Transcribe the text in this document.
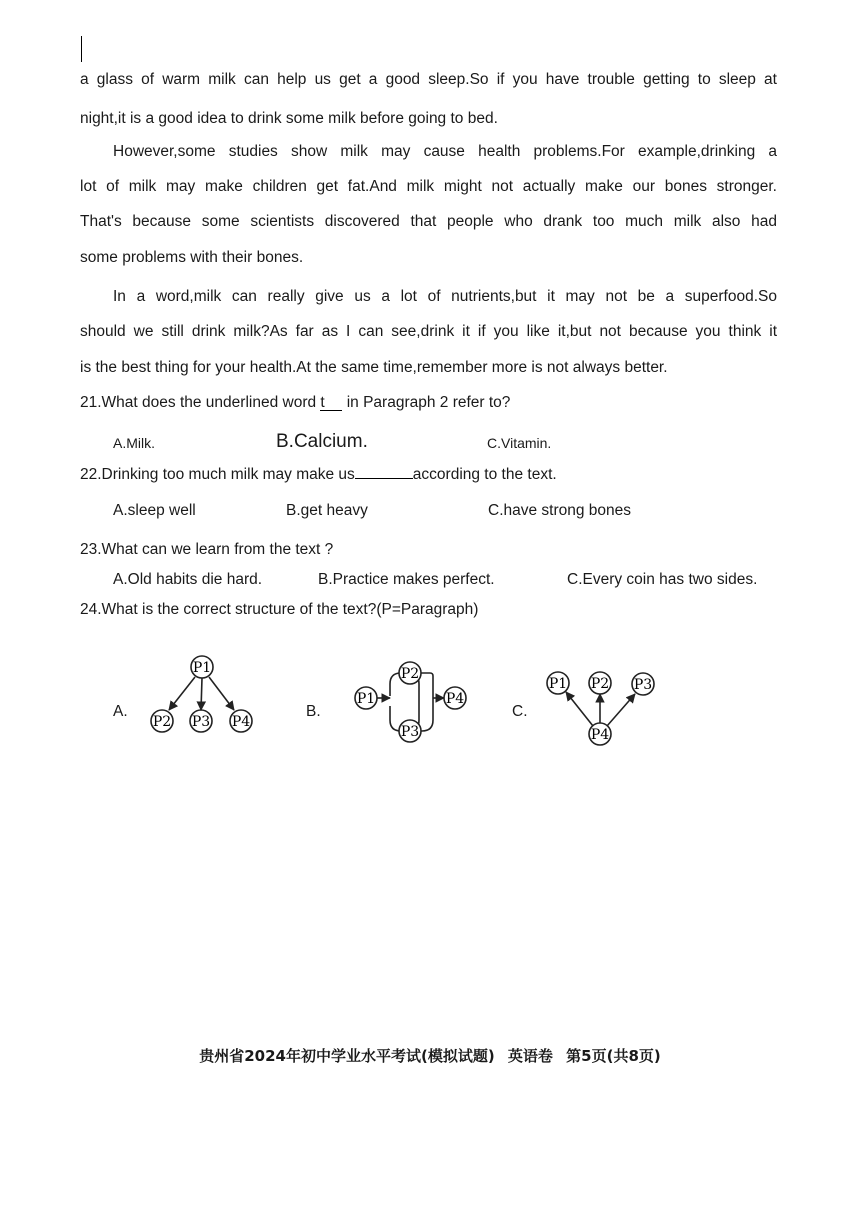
a glass of warm milk can help us get a good sleep.So if you have trouble getting to sleep at
night,it is a good idea to drink some milk before going to bed.
However,some studies show milk may cause health problems.For example,drinking a
lot of milk may make children get fat.And milk might not actually make our bones stronger.
That's because some scientists discovered that people who drank too much milk also had
some problems with their bones.
In a word,milk can really give us a lot of nutrients,but it may not be a superfood.So
should we still drink milk?As far as I can see,drink it if you like it,but not because you think it
is the best thing for your health.At the same time,remember more is not always better.
21.What does the underlined word t in Paragraph 2 refer to?
A.Milk.	B.Calcium.	C.Vitamin.
22.Drinking too much milk may make us	according to the text.
A.sleep well	B.get heavy	C.have strong bones
23.What can we learn from the text ?
A.Old habits die hard.	B.Practice makes perfect.	C.Every coin has two sides.
24.What is the correct structure of the text?(P=Paragraph)
A.	B.	C.
P1
P2 P3 P4
P1
P2
P3
P4
P1 P2 P3
P4
贵州省2024年初中学业水平考试(模拟试题) 英语卷 第5页(共8页)
